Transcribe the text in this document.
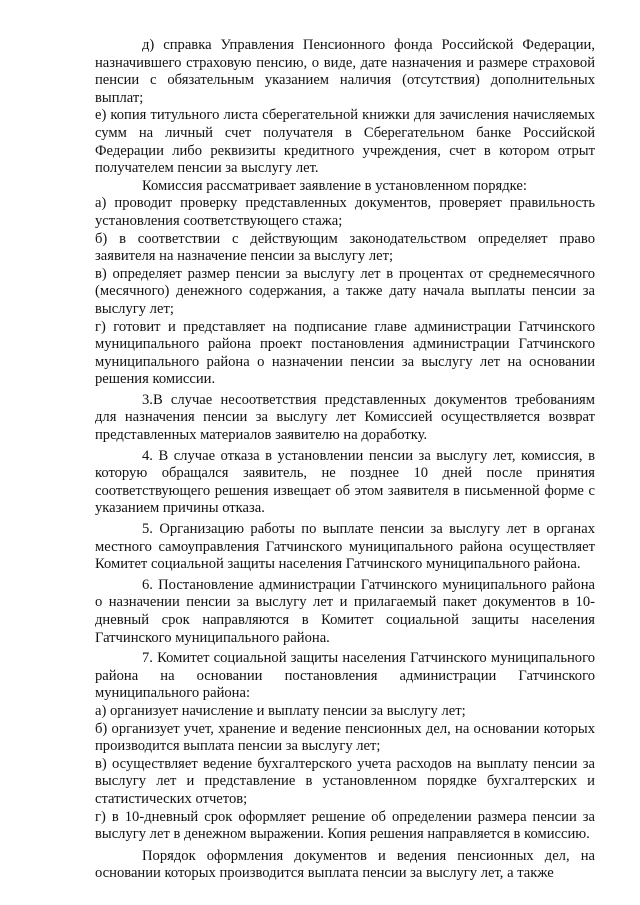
д) справка Управления Пенсионного фонда Российской Федерации, назначившего страховую пенсию, о виде, дате назначения и размере страховой пенсии с обязательным указанием наличия (отсутствия) дополнительных выплат;

е) копия титульного листа сберегательной книжки для зачисления начисляемых сумм на личный счет получателя в Сберегательном банке Российской Федерации либо реквизиты кредитного учреждения, счет в котором отрыт получателем пенсии за выслугу лет.

Комиссия рассматривает заявление в установленном порядке:

а) проводит проверку представленных документов, проверяет правильность установления соответствующего стажа;

б) в соответствии с действующим законодательством определяет право заявителя на назначение пенсии за выслугу лет;

в) определяет размер пенсии за выслугу лет в процентах от среднемесячного (месячного) денежного содержания, а также дату начала выплаты пенсии за выслугу лет;

г) готовит и представляет на подписание главе администрации Гатчинского муниципального района проект постановления администрации Гатчинского муниципального района о назначении пенсии за выслугу лет на основании решения комиссии.

3.В случае несоответствия представленных документов требованиям для назначения пенсии за выслугу лет Комиссией осуществляется возврат представленных материалов заявителю на доработку.

4. В случае отказа в установлении пенсии за выслугу лет, комиссия, в которую обращался заявитель, не позднее 10 дней после принятия соответствующего решения извещает об этом заявителя в письменной форме с указанием причины отказа.

5. Организацию работы по выплате пенсии за выслугу лет в органах местного самоуправления Гатчинского муниципального района осуществляет Комитет социальной защиты населения Гатчинского муниципального района.

6. Постановление администрации Гатчинского муниципального района о назначении пенсии за выслугу лет и прилагаемый пакет документов в 10-дневный срок направляются в Комитет социальной защиты населения Гатчинского муниципального района.

7. Комитет социальной защиты населения Гатчинского муниципального района на основании постановления администрации Гатчинского муниципального района:

а) организует начисление и выплату пенсии за выслугу лет;

б) организует учет, хранение и ведение пенсионных дел, на основании которых производится выплата пенсии за выслугу лет;

в) осуществляет ведение бухгалтерского учета расходов на выплату пенсии за выслугу лет и представление в установленном порядке бухгалтерских и статистических отчетов;

г) в 10-дневный срок оформляет решение об определении размера пенсии за выслугу лет в денежном выражении. Копия решения направляется в комиссию.

Порядок оформления документов и ведения пенсионных дел, на основании которых производится выплата пенсии за выслугу лет, а также
